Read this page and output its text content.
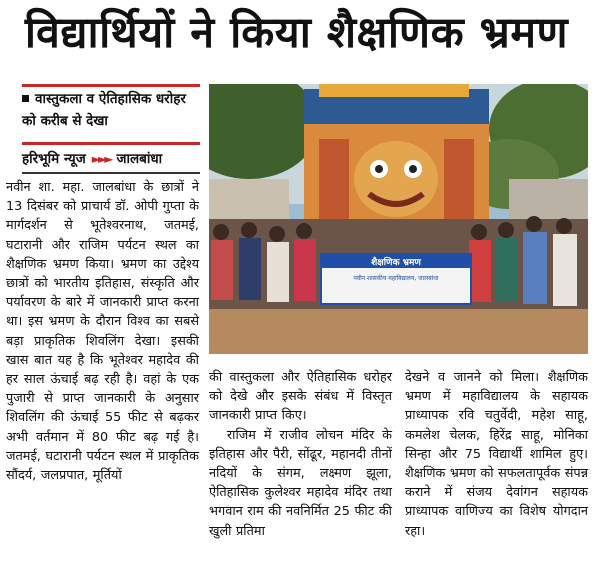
विद्यार्थियों ने किया शैक्षणिक भ्रमण
वास्तुकला व ऐतिहासिक धरोहर को करीब से देखा
हरिभूमि न्यूज ►►► जालबांधा
नवीन शा. महा. जालबांधा के छात्रों ने 13 दिसंबर को प्राचार्य डॉ. ओपी गुप्ता के मार्गदर्शन से भूतेश्वरनाथ, जतमई, घटारानी और राजिम पर्यटन स्थल का शैक्षणिक भ्रमण किया। भ्रमण का उद्देश्य छात्रों को भारतीय इतिहास, संस्कृति और पर्यावरण के बारे में जानकारी प्राप्त करना था। इस भ्रमण के दौरान विश्व का सबसे बड़ा प्राकृतिक शिवलिंग देखा। इसकी खास बात यह है कि भूतेश्वर महादेव की हर साल ऊंचाई बढ़ रही है। वहां के एक पुजारी से प्राप्त जानकारी के अनुसार शिवलिंग की ऊंचाई 55 फीट से बढ़कर अभी वर्तमान में 80 फीट बढ़ गई है। जतमई, घटारानी पर्यटन स्थल में प्राकृतिक सौंदर्य, जलप्रपात, मूर्तियों
की वास्तुकला और ऐतिहासिक धरोहर को देखे और इसके संबंध में विस्तृत जानकारी प्राप्त किए।
राजिम में राजीव लोचन मंदिर के इतिहास और पैरी, सोंढूर, महानदी तीनों नदियों के संगम, लक्ष्मण झूला, ऐतिहासिक कुलेश्वर महादेव मंदिर तथा भगवान राम की नवनिर्मित 25 फीट की खुली प्रतिमा
देखने व जानने को मिला। शैक्षणिक भ्रमण में महाविद्यालय के सहायक प्राध्यापक रवि चतुर्वेदी, महेश साहू, कमलेश चेलक, हिरेंद्र साहू, मोनिका सिन्हा और 75 विद्यार्थी शामिल हुए। शैक्षणिक भ्रमण को सफलतापूर्वक संपन्न कराने में संजय देवांगन सहायक प्राध्यापक वाणिज्य का विशेष योगदान रहा।
शैक्षणिक भ्रमण
नवीन शासकीय महाविद्यालय, जालबांधा
